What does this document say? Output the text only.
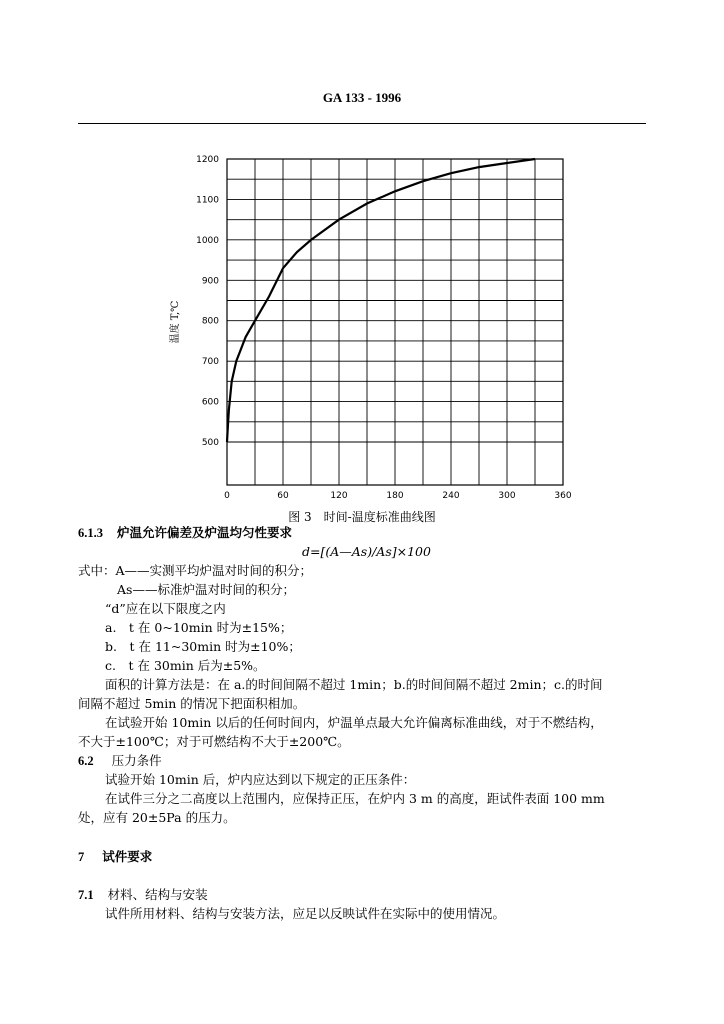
GA 133 - 1996
0	60	120	180	240	300	360
500
600
700
800
900
1000
1100
1200
温度 T,℃
图 3　时间-温度标准曲线图
6.1.3 炉温允许偏差及炉温均匀性要求
d=[(A—As)/As]×100
式中：A——实测平均炉温对时间的积分；
As——标准炉温对时间的积分；
“d”应在以下限度之内
a.　t 在 0~10min 时为±15%；
b.　t 在 11~30min 时为±10%；
c.　t 在 30min 后为±5%。
面积的计算方法是：在 a.的时间间隔不超过 1min；b.的时间间隔不超过 2min；c.的时间
间隔不超过 5min 的情况下把面积相加。
在试验开始 10min 以后的任何时间内，炉温单点最大允许偏离标准曲线，对于不燃结构，
不大于±100℃；对于可燃结构不大于±200℃。
6.2 压力条件
试验开始 10min 后，炉内应达到以下规定的正压条件：
在试件三分之二高度以上范围内，应保持正压，在炉内 3 m 的高度，距试件表面 100 mm
处，应有 20±5Pa 的压力。
7 试件要求
7.1 材料、结构与安装
试件所用材料、结构与安装方法，应足以反映试件在实际中的使用情况。
